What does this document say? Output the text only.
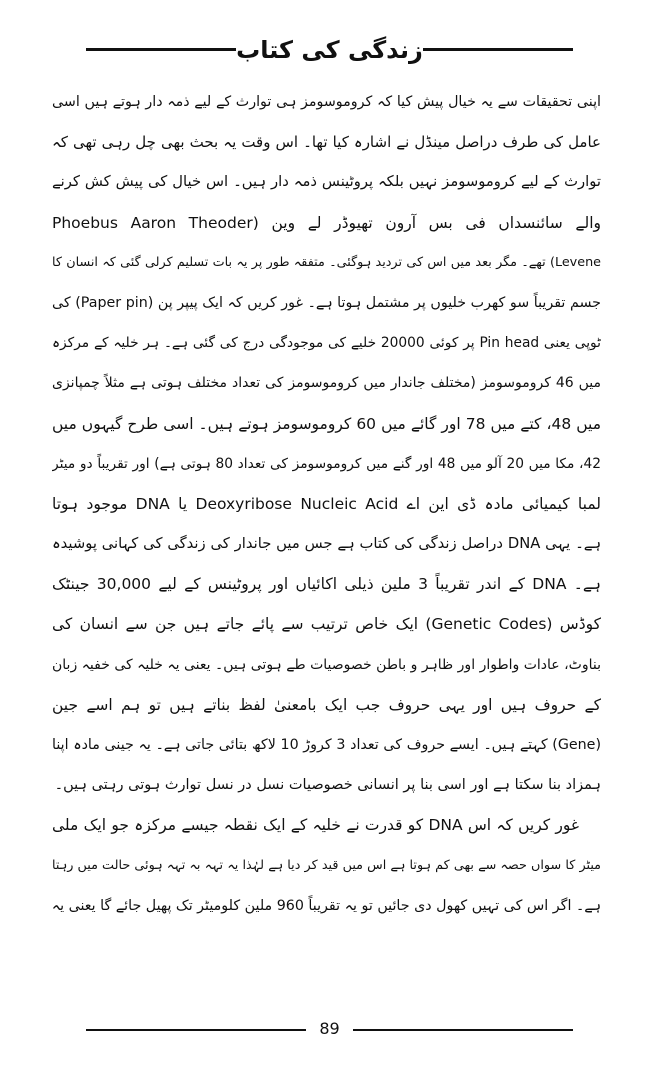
زندگی کی کتاب
اپنی تحقیقات سے یہ خیال پیش کیا کہ کروموسومز ہی توارث کے لیے ذمہ دار ہوتے ہیں اسی
عامل کی طرف دراصل مینڈل نے اشارہ کیا تھا۔ اس وقت یہ بحث بھی چل رہی تھی کہ
توارث کے لیے کروموسومز نہیں بلکہ پروٹینس ذمہ دار ہیں۔ اس خیال کی پیش کش کرنے
والے سائنسداں فی بس آرون تھیوڈر لے وین (Phoebus Aaron Theoder
Levene) تھے۔ مگر بعد میں اس کی تردید ہوگئی۔ متفقہ طور پر یہ بات تسلیم کرلی گئی کہ انسان کا
جسم تقریباً سو کھرب خلیوں پر مشتمل ہوتا ہے۔ غور کریں کہ ایک پیپر پن (Paper pin) کی
ٹوپی یعنی Pin head پر کوئی 20000 خلیے کی موجودگی درج کی گئی ہے۔ ہر خلیہ کے مرکزہ
میں 46 کروموسومز (مختلف جاندار میں کروموسومز کی تعداد مختلف ہوتی ہے مثلاً چمپانزی
میں 48، کتے میں 78 اور گائے میں 60 کروموسومز ہوتے ہیں۔ اسی طرح گیہوں میں
42، مکا میں 20 آلو میں 48 اور گنے میں کروموسومز کی تعداد 80 ہوتی ہے) اور تقریباً دو میٹر
لمبا کیمیائی مادہ ڈی این اے Deoxyribose Nucleic Acid یا DNA موجود ہوتا
ہے۔ یہی DNA دراصل زندگی کی کتاب ہے جس میں جاندار کی زندگی کی کہانی پوشیدہ
ہے۔ DNA کے اندر تقریباً 3 ملین ذیلی اکائیاں اور پروٹینس کے لیے 30,000 جینٹک
کوڈس (Genetic Codes) ایک خاص ترتیب سے پائے جاتے ہیں جن سے انسان کی
بناوٹ، عادات واطوار اور ظاہر و باطن خصوصیات طے ہوتی ہیں۔ یعنی یہ خلیہ کی خفیہ زبان
کے حروف ہیں اور یہی حروف جب ایک بامعنیٰ لفظ بناتے ہیں تو ہم اسے جین
(Gene) کہتے ہیں۔ ایسے حروف کی تعداد 3 کروڑ 10 لاکھ بتائی جاتی ہے۔ یہ جینی مادہ اپنا
ہمزاد بنا سکتا ہے اور اسی بنا پر انسانی خصوصیات نسل در نسل توارث ہوتی رہتی ہیں۔
غور کریں کہ اس DNA کو قدرت نے خلیہ کے ایک نقطہ جیسے مرکزہ جو ایک ملی
میٹر کا سواں حصہ سے بھی کم ہوتا ہے اس میں قید کر دیا ہے لہٰذا یہ تہہ بہ تہہ ہوئی حالت میں رہتا
ہے۔ اگر اس کی تہیں کھول دی جائیں تو یہ تقریباً 960 ملین کلومیٹر تک پھیل جائے گا یعنی یہ
89
